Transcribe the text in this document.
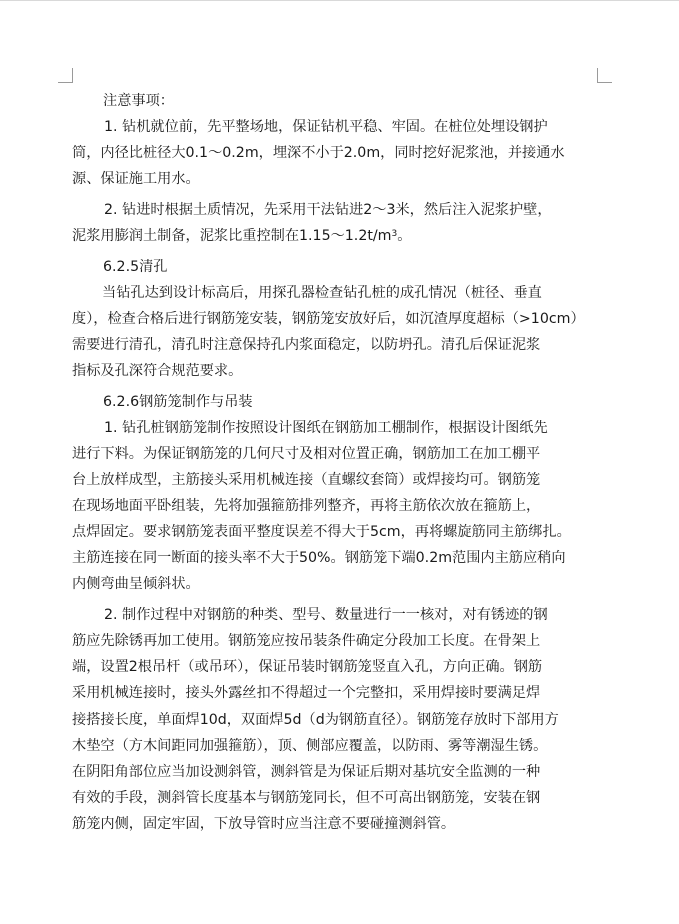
注意事项：
1. 钻机就位前，先平整场地，保证钻机平稳、牢固。在桩位处埋设钢护
筒，内径比桩径大0.1～0.2m，埋深不小于2.0m，同时挖好泥浆池，并接通水
源、保证施工用水。
2. 钻进时根据土质情况，先采用干法钻进2～3米，然后注入泥浆护壁，
泥浆用膨润土制备，泥浆比重控制在$1.15\sim 1.2t/m^3$。
6.2.5清孔
当钻孔达到设计标高后，用探孔器检查钻孔桩的成孔情况（桩径、垂直
度），检查合格后进行钢筋笼安装，钢筋笼安放好后，如沉渣厚度超标（>10cm）
需要进行清孔，清孔时注意保持孔内浆面稳定，以防坍孔。清孔后保证泥浆
指标及孔深符合规范要求。
6.2.6钢筋笼制作与吊装
1. 钻孔桩钢筋笼制作按照设计图纸在钢筋加工棚制作，根据设计图纸先
进行下料。为保证钢筋笼的几何尺寸及相对位置正确，钢筋加工在加工棚平
台上放样成型，主筋接头采用机械连接（直螺纹套筒）或焊接均可。钢筋笼
在现场地面平卧组装，先将加强箍筋排列整齐，再将主筋依次放在箍筋上，
点焊固定。要求钢筋笼表面平整度误差不得大于5cm，再将螺旋筋同主筋绑扎。
主筋连接在同一断面的接头率不大于50%。钢筋笼下端0.2m范围内主筋应稍向
内侧弯曲呈倾斜状。
2. 制作过程中对钢筋的种类、型号、数量进行一一核对，对有锈迹的钢
筋应先除锈再加工使用。钢筋笼应按吊装条件确定分段加工长度。在骨架上
端，设置2根吊杆（或吊环），保证吊装时钢筋笼竖直入孔，方向正确。钢筋
采用机械连接时，接头外露丝扣不得超过一个完整扣，采用焊接时要满足焊
接搭接长度，单面焊10d，双面焊5d（d为钢筋直径）。钢筋笼存放时下部用方
木垫空（方木间距同加强箍筋），顶、侧部应覆盖，以防雨、雾等潮湿生锈。
在阴阳角部位应当加设测斜管，测斜管是为保证后期对基坑安全监测的一种
有效的手段，测斜管长度基本与钢筋笼同长，但不可高出钢筋笼，安装在钢
筋笼内侧，固定牢固，下放导管时应当注意不要碰撞测斜管。
